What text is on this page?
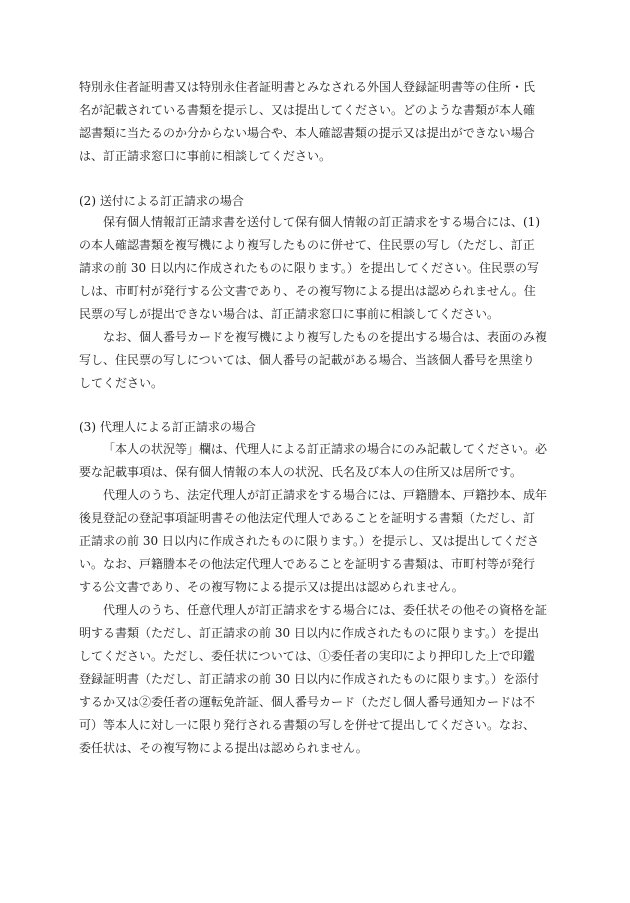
特別永住者証明書又は特別永住者証明書とみなされる外国人登録証明書等の住所・氏
名が記載されている書類を提示し、又は提出してください。どのような書類が本人確
認書類に当たるのか分からない場合や、本人確認書類の提示又は提出ができない場合
は、訂正請求窓口に事前に相談してください。
(2) 送付による訂正請求の場合
保有個人情報訂正請求書を送付して保有個人情報の訂正請求をする場合には、(1)
の本人確認書類を複写機により複写したものに併せて、住民票の写し（ただし、訂正
請求の前 30 日以内に作成されたものに限ります。）を提出してください。住民票の写
しは、市町村が発行する公文書であり、その複写物による提出は認められません。住
民票の写しが提出できない場合は、訂正請求窓口に事前に相談してください。
なお、個人番号カードを複写機により複写したものを提出する場合は、表面のみ複
写し、住民票の写しについては、個人番号の記載がある場合、当該個人番号を黒塗り
してください。
(3) 代理人による訂正請求の場合
「本人の状況等」欄は、代理人による訂正請求の場合にのみ記載してください。必
要な記載事項は、保有個人情報の本人の状況、氏名及び本人の住所又は居所です。
代理人のうち、法定代理人が訂正請求をする場合には、戸籍謄本、戸籍抄本、成年
後見登記の登記事項証明書その他法定代理人であることを証明する書類（ただし、訂
正請求の前 30 日以内に作成されたものに限ります。）を提示し、又は提出してくださ
い。なお、戸籍謄本その他法定代理人であることを証明する書類は、市町村等が発行
する公文書であり、その複写物による提示又は提出は認められません。
代理人のうち、任意代理人が訂正請求をする場合には、委任状その他その資格を証
明する書類（ただし、訂正請求の前 30 日以内に作成されたものに限ります。）を提出
してください。ただし、委任状については、①委任者の実印により押印した上で印鑑
登録証明書（ただし、訂正請求の前 30 日以内に作成されたものに限ります。）を添付
するか又は②委任者の運転免許証、個人番号カード（ただし個人番号通知カードは不
可）等本人に対し一に限り発行される書類の写しを併せて提出してください。なお、
委任状は、その複写物による提出は認められません。
